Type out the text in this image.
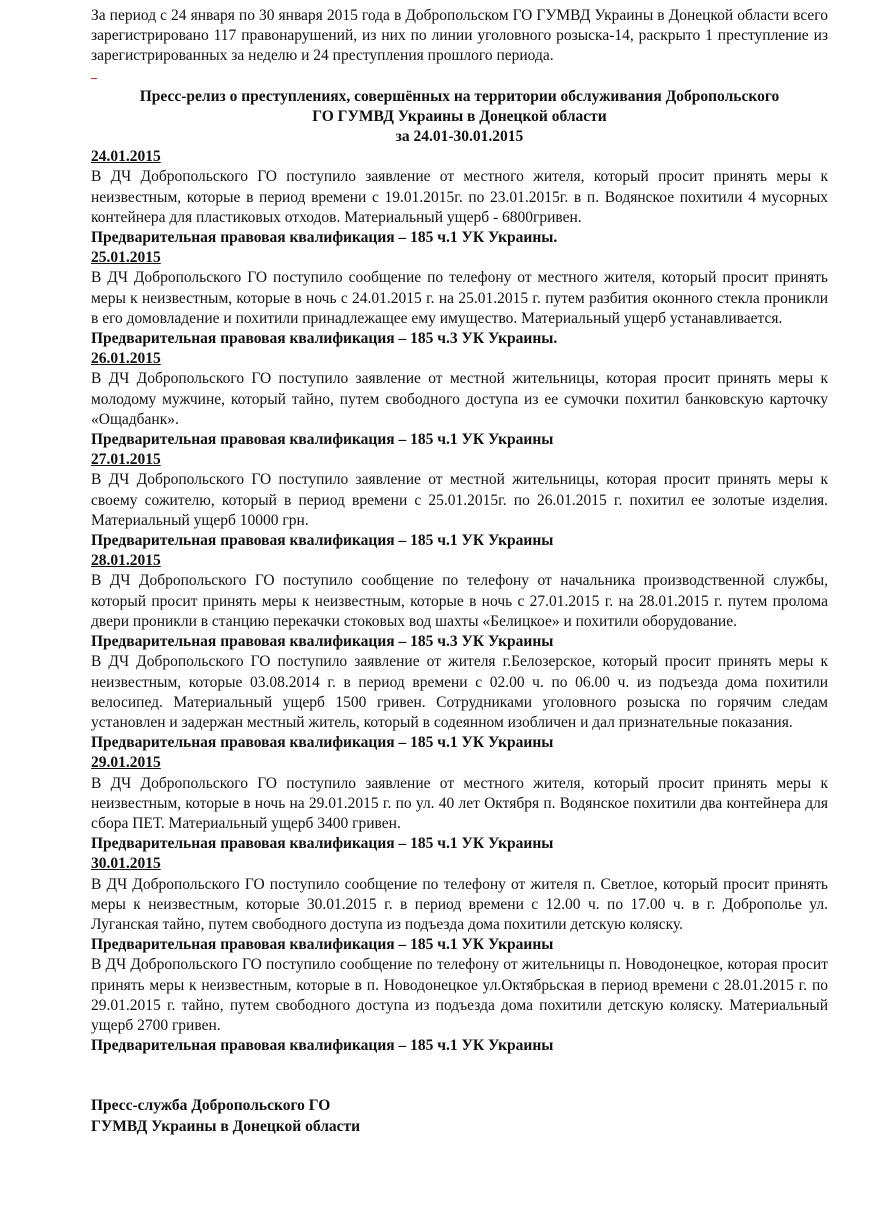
За период с 24 января по 30 января 2015 года в Добропольском ГО ГУМВД Украины в Донецкой области всего зарегистрировано 117 правонарушений, из них по линии уголовного розыска-14, раскрыто 1 преступление из зарегистрированных за неделю и 24 преступления прошлого периода.

Пресс-релиз о преступлениях, совершённых на территории обслуживания Добропольского

ГО ГУМВД Украины в Донецкой области

за 24.01-30.01.2015

24.01.2015

В ДЧ Добропольского ГО поступило заявление от местного жителя, который просит принять меры к неизвестным, которые в период времени с 19.01.2015г. по 23.01.2015г. в п. Водянское похитили 4 мусорных контейнера для пластиковых отходов. Материальный ущерб - 6800гривен.

Предварительная правовая квалификация – 185 ч.1 УК Украины.

25.01.2015

В ДЧ Добропольского ГО поступило сообщение по телефону от местного жителя, который просит принять меры к неизвестным, которые в ночь с 24.01.2015 г. на 25.01.2015 г. путем разбития оконного стекла проникли в его домовладение и похитили принадлежащее ему имущество. Материальный ущерб устанавливается.

Предварительная правовая квалификация – 185 ч.3 УК Украины.

26.01.2015

В ДЧ Добропольского ГО поступило заявление от местной жительницы, которая просит принять меры к молодому мужчине, который тайно, путем свободного доступа из ее сумочки похитил банковскую карточку «Ощадбанк».

Предварительная правовая квалификация – 185 ч.1 УК Украины

27.01.2015

В ДЧ Добропольского ГО поступило заявление от местной жительницы, которая просит принять меры к своему сожителю, который в период времени с 25.01.2015г. по 26.01.2015 г. похитил ее золотые изделия. Материальный ущерб 10000 грн.

Предварительная правовая квалификация – 185 ч.1 УК Украины

28.01.2015

В ДЧ Добропольского ГО поступило сообщение по телефону от начальника производственной службы, который просит принять меры к неизвестным, которые в ночь с 27.01.2015 г. на 28.01.2015 г. путем пролома двери проникли в станцию перекачки стоковых вод шахты «Белицкое» и похитили оборудование.

Предварительная правовая квалификация – 185 ч.3 УК Украины

В ДЧ Добропольского ГО поступило заявление от жителя г.Белозерское, который просит принять меры к неизвестным, которые 03.08.2014 г. в период времени с 02.00 ч. по 06.00 ч. из подъезда дома похитили велосипед. Материальный ущерб 1500 гривен. Сотрудниками уголовного розыска по горячим следам установлен и задержан местный житель, который в содеянном изобличен и дал признательные показания.

Предварительная правовая квалификация – 185 ч.1 УК Украины

29.01.2015

В ДЧ Добропольского ГО поступило заявление от местного жителя, который просит принять меры к неизвестным, которые в ночь на 29.01.2015 г. по ул. 40 лет Октября п. Водянское похитили два контейнера для сбора ПЕТ. Материальный ущерб 3400 гривен.

Предварительная правовая квалификация – 185 ч.1 УК Украины

30.01.2015

В ДЧ Добропольского ГО поступило сообщение по телефону от жителя п. Светлое, который просит принять меры к неизвестным, которые 30.01.2015 г. в период времени с 12.00 ч. по 17.00 ч. в г. Доброполье ул. Луганская тайно, путем свободного доступа из подъезда дома похитили детскую коляску.

Предварительная правовая квалификация – 185 ч.1 УК Украины

В ДЧ Добропольского ГО поступило сообщение по телефону от жительницы п. Новодонецкое, которая просит принять меры к неизвестным, которые в п. Новодонецкое ул.Октябрьская в период времени с 28.01.2015 г. по 29.01.2015 г. тайно, путем свободного доступа из подъезда дома похитили детскую коляску. Материальный ущерб 2700 гривен.

Предварительная правовая квалификация – 185 ч.1 УК Украины

Пресс-служба Добропольского ГО

ГУМВД Украины в Донецкой области
